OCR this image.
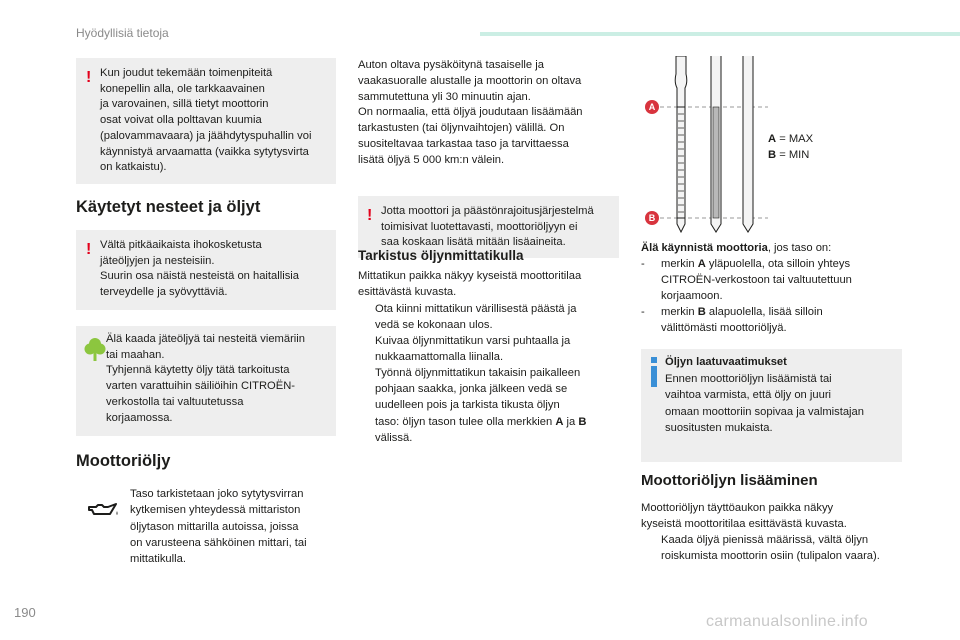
Hyödyllisiä tietoja
! Kun joudut tekemään toimenpiteitä
konepellin alla, ole tarkkaavainen
ja varovainen, sillä tietyt moottorin
osat voivat olla polttavan kuumia
(palovammavaara) ja jäähdytyspuhallin voi
käynnistyä arvaamatta (vaikka sytytysvirta
on katkaistu).
Käytetyt nesteet ja öljyt
! Vältä pitkäaikaista ihokosketusta
jäteöljyjen ja nesteisiin.
Suurin osa näistä nesteistä on haitallisia
terveydelle ja syövyttäviä.
Älä kaada jäteöljyä tai nesteitä viemäriin
tai maahan.
Tyhjennä käytetty öljy tätä tarkoitusta
varten varattuihin säiliöihin CITROËN-
verkostolla tai valtuutetussa
korjaamossa.
Moottoriöljy
Taso tarkistetaan joko sytytysvirran
kytkemisen yhteydessä mittariston
öljytason mittarilla autoissa, joissa
on varusteena sähköinen mittari, tai
mittatikulla.
Auton oltava pysäköitynä tasaiselle ja
vaakasuoralle alustalle ja moottorin on oltava
sammutettuna yli 30 minuutin ajan.
On normaalia, että öljyä joudutaan lisäämään
tarkastusten (tai öljynvaihtojen) välillä. On
suositeltavaa tarkastaa taso ja tarvittaessa
lisätä öljyä 5 000 km:n välein.
! Jotta moottori ja päästönrajoitusjärjestelmä
toimisivat luotettavasti, moottoriöljyyn ei
saa koskaan lisätä mitään lisäaineita.
Tarkistus öljynmittatikulla
Mittatikun paikka näkyy kyseistä moottoritilaa
esittävästä kuvasta.
Ota kiinni mittatikun värillisestä päästä ja
vedä se kokonaan ulos.
Kuivaa öljynmittatikun varsi puhtaalla ja
nukkaamattomalla liinalla.
Työnnä öljynmittatikun takaisin paikalleen
pohjaan saakka, jonka jälkeen vedä se
uudelleen pois ja tarkista tikusta öljyn
taso: öljyn tason tulee olla merkkien A ja B
välissä.
A
B
A = MAX
B = MIN
Älä käynnistä moottoria, jos taso on:
-	merkin A yläpuolella, ota silloin yhteys
CITROËN-verkostoon tai valtuutettuun
korjaamoon.
-	merkin B alapuolella, lisää silloin
välittömästi moottoriöljyä.
Öljyn laatuvaatimukset
Ennen moottoriöljyn lisäämistä tai
vaihtoa varmista, että öljy on juuri
omaan moottoriin sopivaa ja valmistajan
suositusten mukaista.
Moottoriöljyn lisääminen
Moottoriöljyn täyttöaukon paikka näkyy
kyseistä moottoritilaa esittävästä kuvasta.
Kaada öljyä pienissä määrissä, vältä öljyn
roiskumista moottorin osiin (tulipalon vaara).
190
carmanualsonline.info
